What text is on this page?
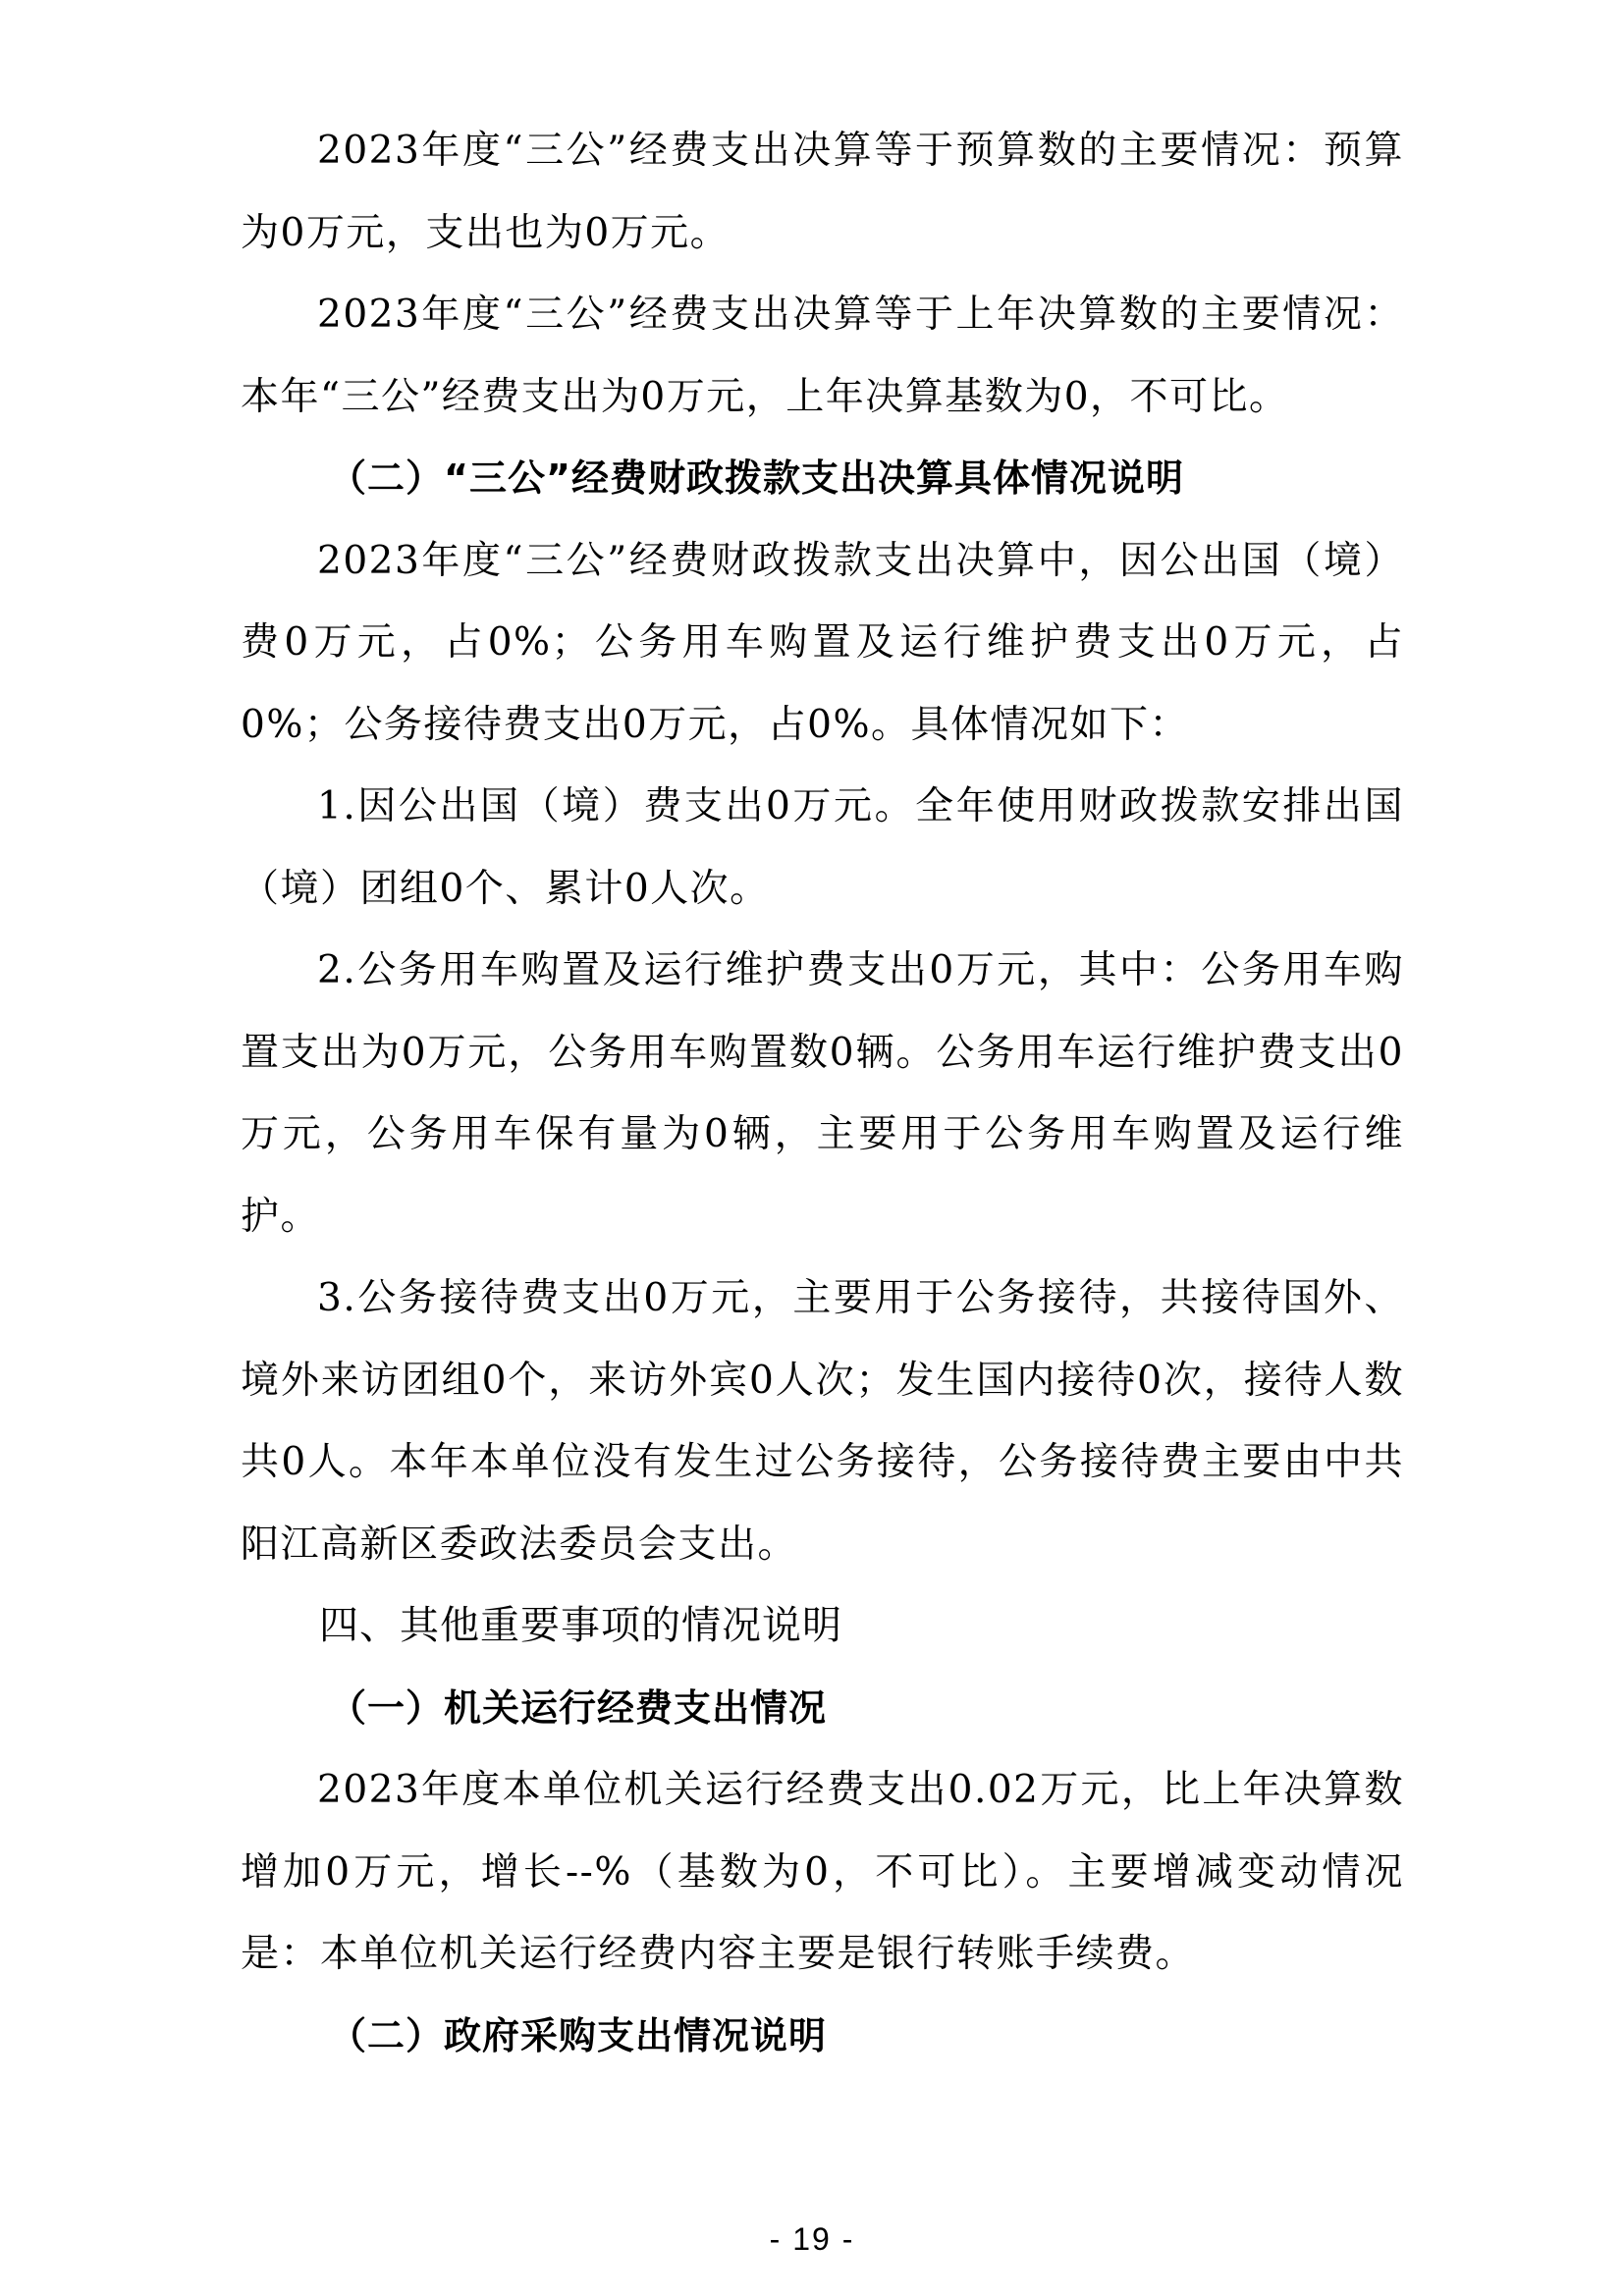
2023年度“三公”经费支出决算等于预算数的主要情况：预算为0万元，支出也为0万元。

2023年度“三公”经费支出决算等于上年决算数的主要情况：本年“三公”经费支出为0万元，上年决算基数为0，不可比。

（二）“三公”经费财政拨款支出决算具体情况说明

2023年度“三公”经费财政拨款支出决算中，因公出国（境）费0万元，占0%；公务用车购置及运行维护费支出0万元，占0%；公务接待费支出0万元，占0%。具体情况如下：

1.因公出国（境）费支出0万元。全年使用财政拨款安排出国（境）团组0个、累计0人次。

2.公务用车购置及运行维护费支出0万元，其中：公务用车购置支出为0万元，公务用车购置数0辆。公务用车运行维护费支出0万元，公务用车保有量为0辆，主要用于公务用车购置及运行维护。

3.公务接待费支出0万元，主要用于公务接待，共接待国外、境外来访团组0个，来访外宾0人次；发生国内接待0次，接待人数共0人。本年本单位没有发生过公务接待，公务接待费主要由中共阳江高新区委政法委员会支出。

四、其他重要事项的情况说明
（一）机关运行经费支出情况

2023年度本单位机关运行经费支出0.02万元，比上年决算数增加0万元，增长--%（基数为0，不可比）。主要增减变动情况是：本单位机关运行经费内容主要是银行转账手续费。

（二）政府采购支出情况说明
- 19 -
